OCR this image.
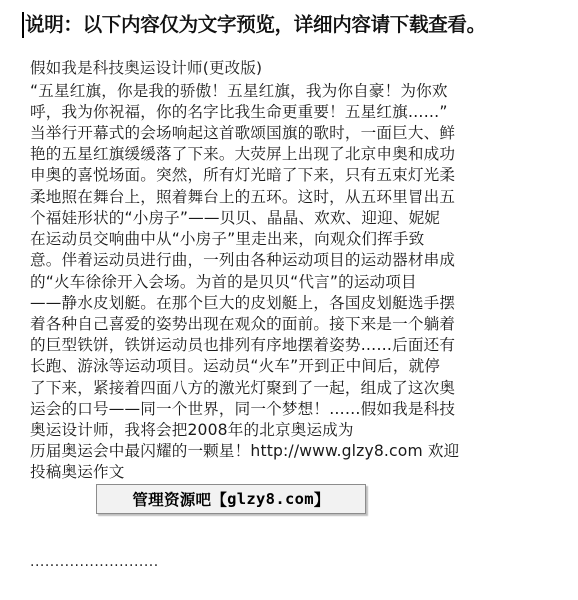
说明：以下内容仅为文字预览，详细内容请下载查看。
假如我是科技奥运设计师(更改版)
“五星红旗，你是我的骄傲！五星红旗，我为你自豪！为你欢
呼，我为你祝福，你的名字比我生命更重要！五星红旗……”
当举行开幕式的会场响起这首歌颂国旗的歌时，一面巨大、鲜
艳的五星红旗缓缓落了下来。大荧屏上出现了北京申奥和成功
申奥的喜悦场面。突然，所有灯光暗了下来，只有五束灯光柔
柔地照在舞台上，照着舞台上的五环。这时，从五环里冒出五
个福娃形状的“小房子”——贝贝、晶晶、欢欢、迎迎、妮妮
在运动员交响曲中从“小房子”里走出来，向观众们挥手致
意。伴着运动员进行曲，一列由各种运动项目的运动器材串成
的“火车徐徐开入会场。为首的是贝贝“代言”的运动项目
——静水皮划艇。在那个巨大的皮划艇上，各国皮划艇选手摆
着各种自己喜爱的姿势出现在观众的面前。接下来是一个躺着
的巨型铁饼，铁饼运动员也排列有序地摆着姿势……后面还有
长跑、游泳等运动项目。运动员“火车”开到正中间后，就停
了下来，紧接着四面八方的激光灯聚到了一起，组成了这次奥
运会的口号——同一个世界，同一个梦想！……假如我是科技
奥运设计师，我将会把2008年的北京奥运成为
历届奥运会中最闪耀的一颗星！http://www.glzy8.com 欢迎
投稿奥运作文
管理资源吧【 glzy8.com 】
··························
